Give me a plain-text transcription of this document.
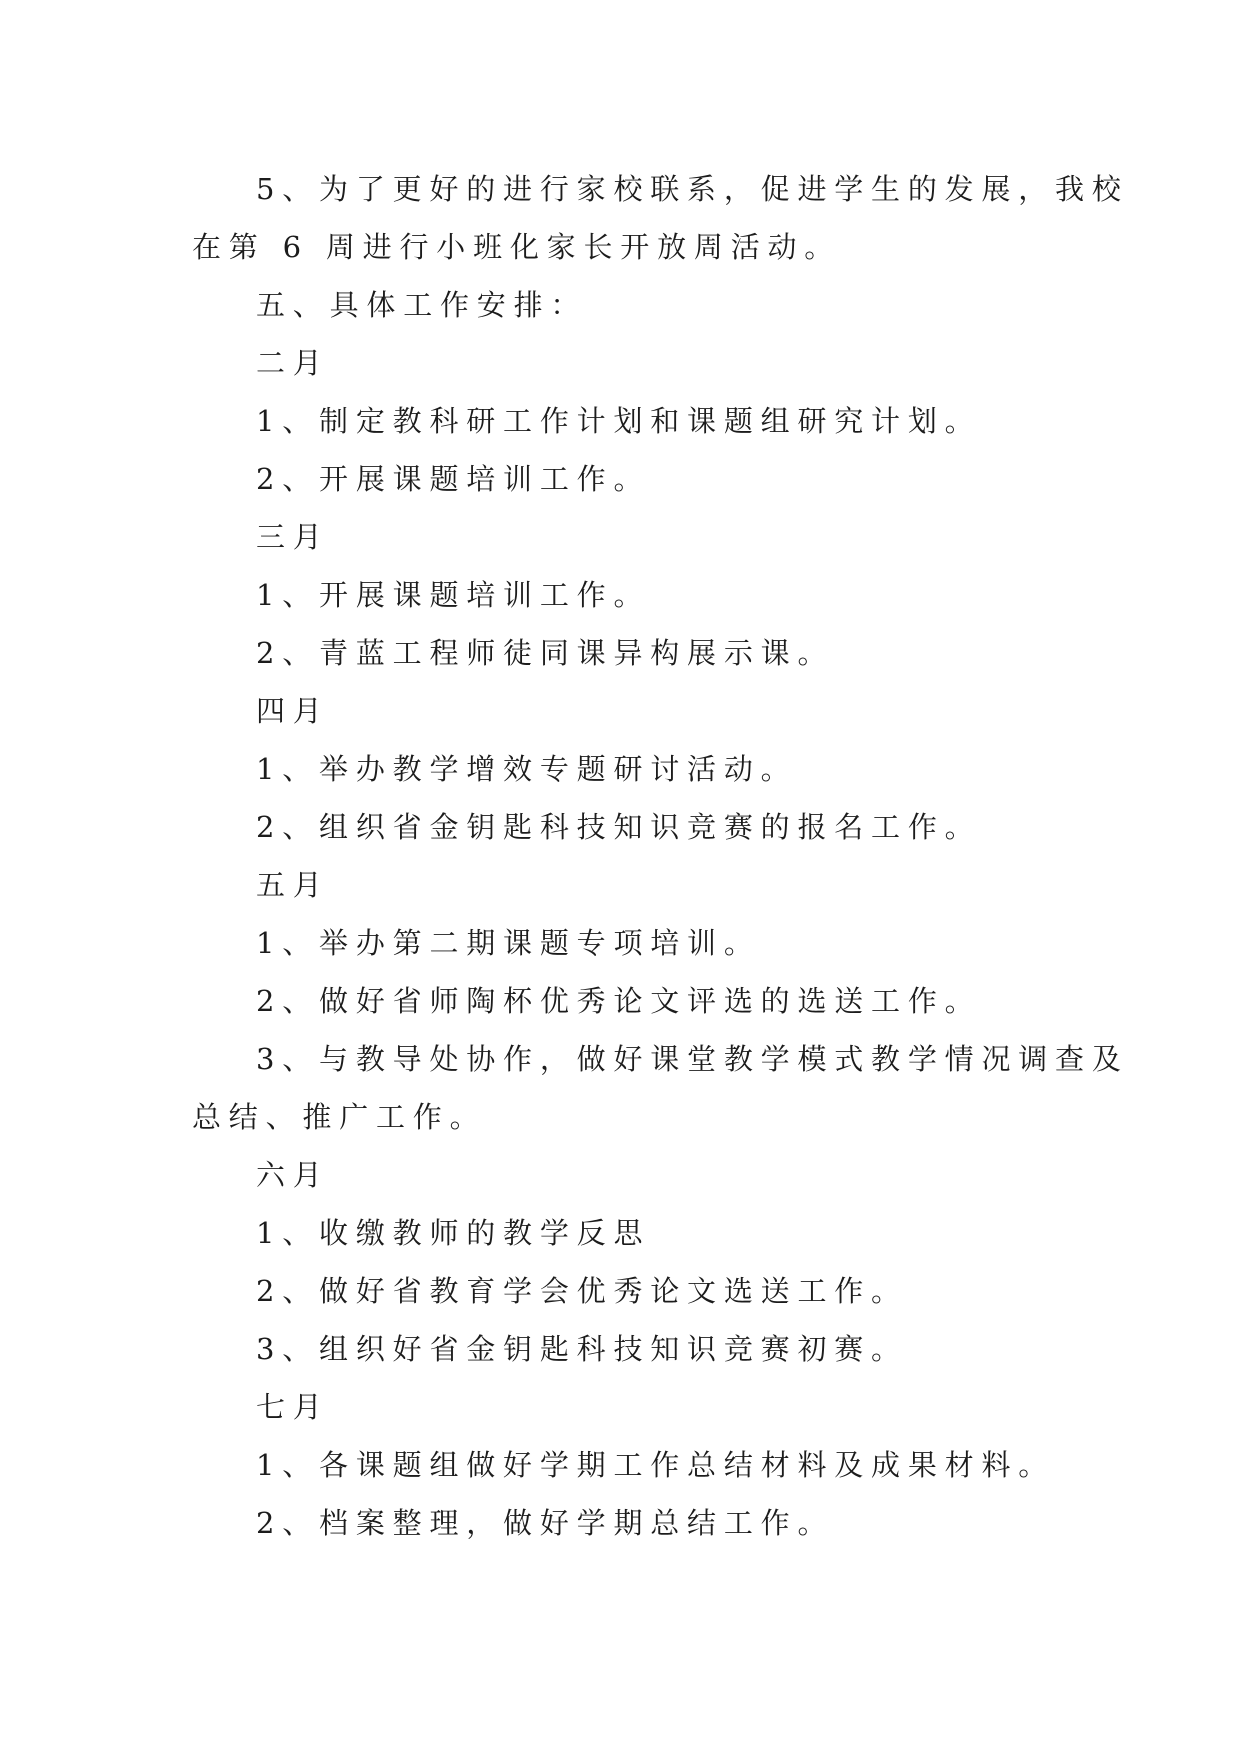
5、为了更好的进行家校联系，促进学生的发展，我校
在第 6 周进行小班化家长开放周活动。
五、具体工作安排：
二月
1、制定教科研工作计划和课题组研究计划。
2、开展课题培训工作。
三月
1、开展课题培训工作。
2、青蓝工程师徒同课异构展示课。
四月
1、举办教学增效专题研讨活动。
2、组织省金钥匙科技知识竞赛的报名工作。
五月
1、举办第二期课题专项培训。
2、做好省师陶杯优秀论文评选的选送工作。
3、与教导处协作，做好课堂教学模式教学情况调查及
总结、推广工作。
六月
1、收缴教师的教学反思
2、做好省教育学会优秀论文选送工作。
3、组织好省金钥匙科技知识竞赛初赛。
七月
1、各课题组做好学期工作总结材料及成果材料。
2、档案整理，做好学期总结工作。
